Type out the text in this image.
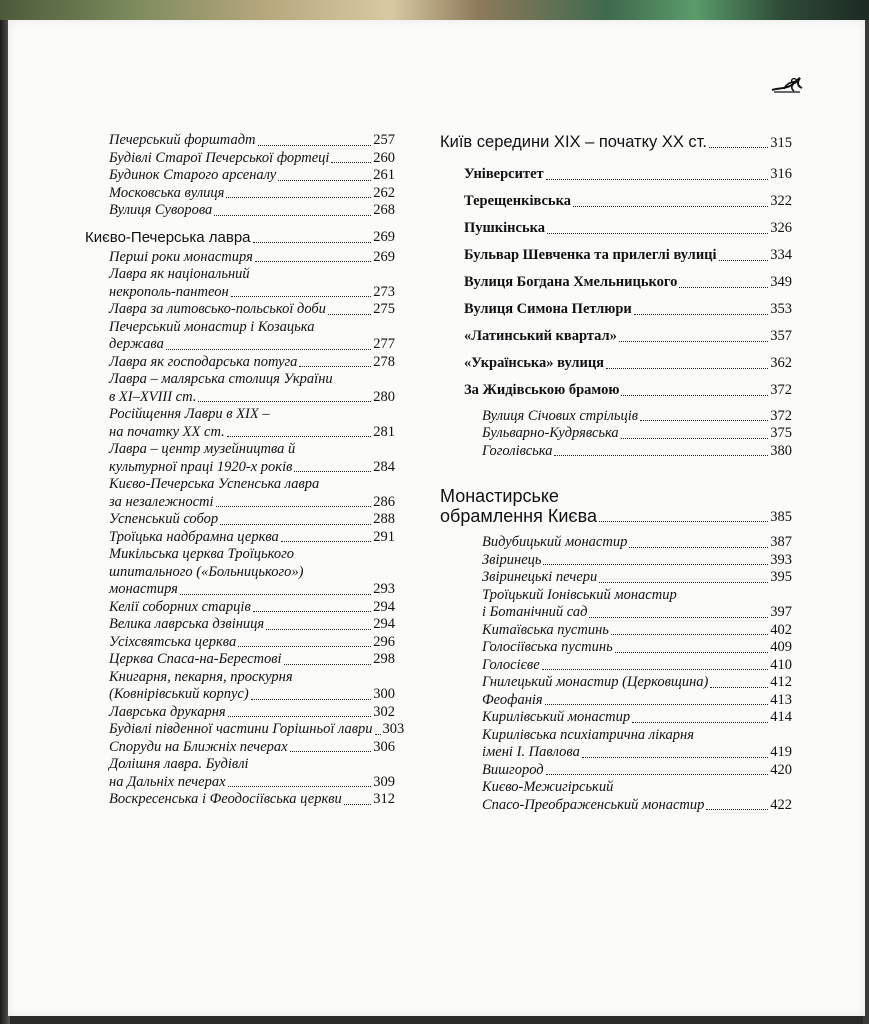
Печерський форштадт	257
Будівлі Старої Печерської фортеці	260
Будинок Старого арсеналу	261
Московська вулиця	262
Вулиця Суворова	268
Києво-Печерська лавра	269
Перші роки монастиря	269
Лавра як національний
некрополь-пантеон	273
Лавра за литовсько-польської доби	275
Печерський монастир і Козацька
держава	277
Лавра як господарська потуга	278
Лавра – малярська столиця України
в XI–XVIII ст.	280
Російщення Лаври в XIX –
на початку XX ст.	281
Лавра – центр музейництва й
культурної праці 1920-х років	284
Києво-Печерська Успенська лавра
за незалежності	286
Успенський собор	288
Троїцька надбрамна церква	291
Микільська церква Троїцького
шпитального («Больницького»)
монастиря	293
Келії соборних старців	294
Велика лаврська дзвіниця	294
Усіхсвятська церква	296
Церква Спаса-на-Берестові	298
Книгарня, пекарня, проскурня
(Ковнірівський корпус)	300
Лаврська друкарня	302
Будівлі південної частини Горішньої лаври 303
Споруди на Ближніх печерах	306
Долішня лавра. Будівлі
на Дальніх печерах	309
Воскресенська і Феодосіївська церкви 312
Київ середини XIX – початку XX ст.	315
Університет	316
Терещенківська	322
Пушкінська	326
Бульвар Шевченка та прилеглі вулиці	334
Вулиця Богдана Хмельницького	349
Вулиця Симона Петлюри	353
«Латинський квартал»	357
«Українська» вулиця	362
За Жидівською брамою	372
Вулиця Січових стрільців	372
Бульварно-Кудрявська	375
Гоголівська	380
Монастирське
обрамлення Києва	385
Видубицький монастир	387
Звіринець	393
Звіринецькі печери	395
Троїцький Іонівський монастир
і Ботанічний сад	397
Китаївська пустинь	402
Голосіївська пустинь	409
Голосієве	410
Гнилецький монастир (Церковщина)	412
Феофанія	413
Кирилівський монастир	414
Кирилівська психіатрична лікарня
імені І. Павлова	419
Вишгород	420
Києво-Межигірський
Спасо-Преображенський монастир	422
